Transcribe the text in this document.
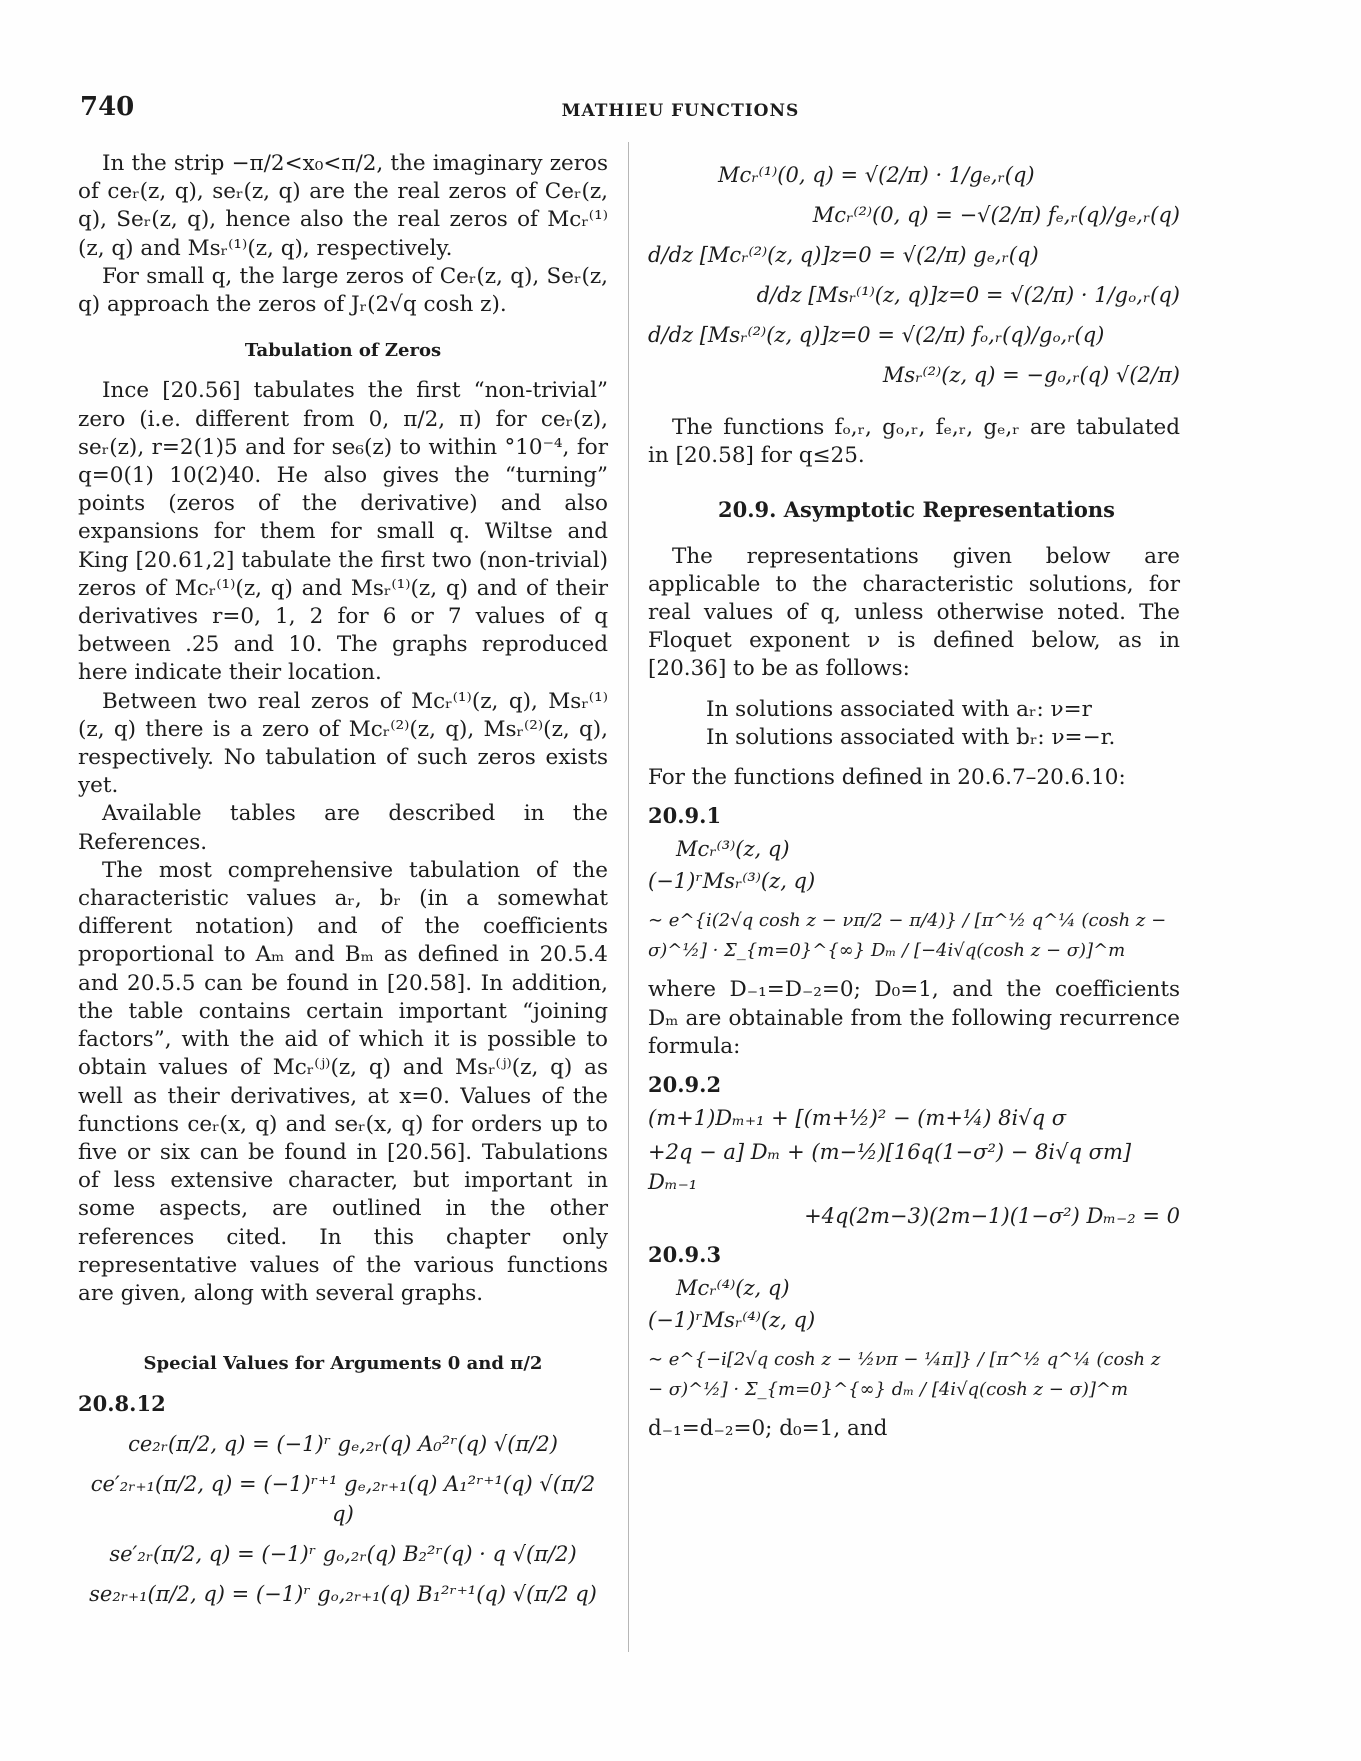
740	MATHIEU FUNCTIONS

In the strip −π/2<x₀<π/2, the imaginary zeros of ceᵣ(z, q), seᵣ(z, q) are the real zeros of Ceᵣ(z, q), Seᵣ(z, q), hence also the real zeros of Mcᵣ⁽¹⁾(z, q) and Msᵣ⁽¹⁾(z, q), respectively.

For small q, the large zeros of Ceᵣ(z, q), Seᵣ(z, q) approach the zeros of Jᵣ(2√q cosh z).

Tabulation of Zeros

Ince [20.56] tabulates the first “non-trivial” zero (i.e. different from 0, π/2, π) for ceᵣ(z), seᵣ(z), r=2(1)5 and for se₆(z) to within °10⁻⁴, for q=0(1) 10(2)40. He also gives the “turning” points (zeros of the derivative) and also expansions for them for small q. Wiltse and King [20.61,2] tabulate the first two (non-trivial) zeros of Mcᵣ⁽¹⁾(z, q) and Msᵣ⁽¹⁾(z, q) and of their derivatives r=0, 1, 2 for 6 or 7 values of q between .25 and 10. The graphs reproduced here indicate their location.

Between two real zeros of Mcᵣ⁽¹⁾(z, q), Msᵣ⁽¹⁾(z, q) there is a zero of Mcᵣ⁽²⁾(z, q), Msᵣ⁽²⁾(z, q), respectively. No tabulation of such zeros exists yet.

Available tables are described in the References.

The most comprehensive tabulation of the characteristic values aᵣ, bᵣ (in a somewhat different notation) and of the coefficients proportional to Aₘ and Bₘ as defined in 20.5.4 and 20.5.5 can be found in [20.58]. In addition, the table contains certain important “joining factors”, with the aid of which it is possible to obtain values of Mcᵣ⁽ʲ⁾(z, q) and Msᵣ⁽ʲ⁾(z, q) as well as their derivatives, at x=0. Values of the functions ceᵣ(x, q) and seᵣ(x, q) for orders up to five or six can be found in [20.56]. Tabulations of less extensive character, but important in some aspects, are outlined in the other references cited. In this chapter only representative values of the various functions are given, along with several graphs.

Special Values for Arguments 0 and π/2
20.8.12
ce₂ᵣ(π/2, q) = (−1)ʳ gₑ,₂ᵣ(q) A₀²ʳ(q) √(π/2)
ce′₂ᵣ₊₁(π/2, q) = (−1)ʳ⁺¹ gₑ,₂ᵣ₊₁(q) A₁²ʳ⁺¹(q) √(π/2 q)
se′₂ᵣ(π/2, q) = (−1)ʳ gₒ,₂ᵣ(q) B₂²ʳ(q) · q √(π/2)
se₂ᵣ₊₁(π/2, q) = (−1)ʳ gₒ,₂ᵣ₊₁(q) B₁²ʳ⁺¹(q) √(π/2 q)
Mcᵣ⁽¹⁾(0, q) = √(2/π) · 1/gₑ,ᵣ(q)
Mcᵣ⁽²⁾(0, q) = −√(2/π) fₑ,ᵣ(q)/gₑ,ᵣ(q)
d/dz [Mcᵣ⁽²⁾(z, q)]z=0 = √(2/π) gₑ,ᵣ(q)
d/dz [Msᵣ⁽¹⁾(z, q)]z=0 = √(2/π) · 1/gₒ,ᵣ(q)
d/dz [Msᵣ⁽²⁾(z, q)]z=0 = √(2/π) fₒ,ᵣ(q)/gₒ,ᵣ(q)
Msᵣ⁽²⁾(z, q) = −gₒ,ᵣ(q) √(2/π)

The functions fₒ,ᵣ, gₒ,ᵣ, fₑ,ᵣ, gₑ,ᵣ are tabulated in [20.58] for q≤25.

20.9. Asymptotic Representations

The representations given below are applicable to the characteristic solutions, for real values of q, unless otherwise noted. The Floquet exponent ν is defined below, as in [20.36] to be as follows:

In solutions associated with aᵣ: ν=r
In solutions associated with bᵣ: ν=−r.

For the functions defined in 20.6.7–20.6.10:

20.9.1
Mcᵣ⁽³⁾(z, q)
(−1)ʳMsᵣ⁽³⁾(z, q)
∼ e^{i(2√q cosh z − νπ/2 − π/4)} / [π^½ q^¼ (cosh z − σ)^½] · Σ_{m=0}^{∞} Dₘ / [−4i√q(cosh z − σ)]^m

where D₋₁=D₋₂=0; D₀=1, and the coefficients Dₘ are obtainable from the following recurrence formula:

20.9.2
(m+1)Dₘ₊₁ + [(m+½)² − (m+¼) 8i√q σ
+2q − a] Dₘ + (m−½)[16q(1−σ²) − 8i√q σm] Dₘ₋₁
+4q(2m−3)(2m−1)(1−σ²) Dₘ₋₂ = 0
20.9.3
Mcᵣ⁽⁴⁾(z, q)
(−1)ʳMsᵣ⁽⁴⁾(z, q)
∼ e^{−i[2√q cosh z − ½νπ − ¼π]} / [π^½ q^¼ (cosh z − σ)^½] · Σ_{m=0}^{∞} dₘ / [4i√q(cosh z − σ)]^m

d₋₁=d₋₂=0; d₀=1, and
